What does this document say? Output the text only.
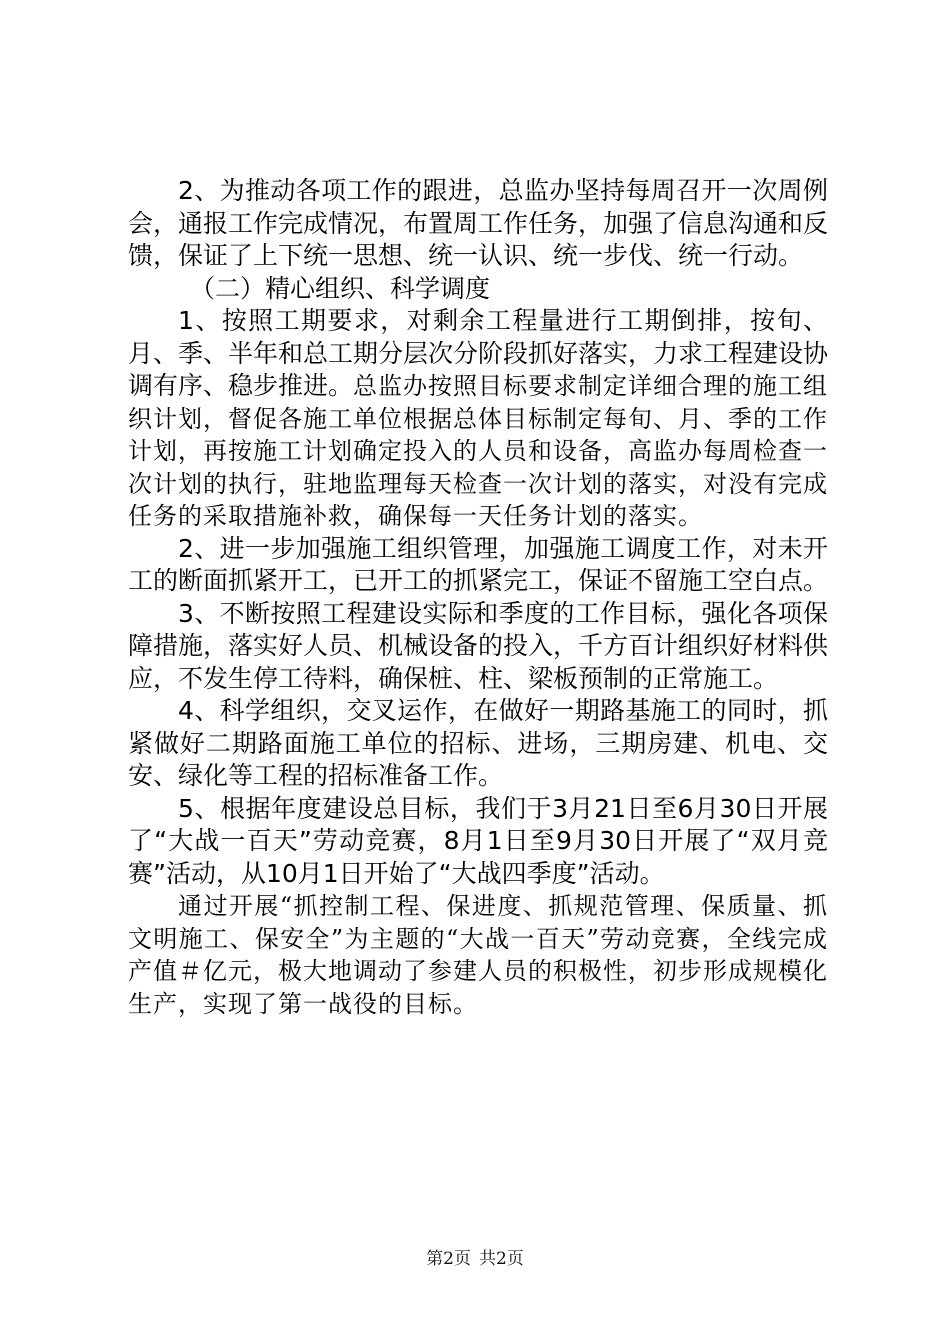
2、为推动各项工作的跟进，总监办坚持每周召开一次周例会，通报工作完成情况，布置周工作任务，加强了信息沟通和反馈，保证了上下统一思想、统一认识、统一步伐、统一行动。

（二）精心组织、科学调度

1、按照工期要求，对剩余工程量进行工期倒排，按旬、月、季、半年和总工期分层次分阶段抓好落实，力求工程建设协调有序、稳步推进。总监办按照目标要求制定详细合理的施工组织计划，督促各施工单位根据总体目标制定每旬、月、季的工作计划，再按施工计划确定投入的人员和设备，高监办每周检查一次计划的执行，驻地监理每天检查一次计划的落实，对没有完成任务的采取措施补救，确保每一天任务计划的落实。

2、进一步加强施工组织管理，加强施工调度工作，对未开工的断面抓紧开工，已开工的抓紧完工，保证不留施工空白点。

3、不断按照工程建设实际和季度的工作目标，强化各项保障措施，落实好人员、机械设备的投入，千方百计组织好材料供应，不发生停工待料，确保桩、柱、梁板预制的正常施工。

4、科学组织，交叉运作，在做好一期路基施工的同时，抓紧做好二期路面施工单位的招标、进场，三期房建、机电、交安、绿化等工程的招标准备工作。

5、根据年度建设总目标，我们于3月21日至6月30日开展了“大战一百天”劳动竞赛，8月1日至9月30日开展了“双月竞赛”活动，从10月1日开始了“大战四季度”活动。

通过开展“抓控制工程、保进度、抓规范管理、保质量、抓文明施工、保安全”为主题的“大战一百天”劳动竞赛，全线完成产值＃亿元，极大地调动了参建人员的积极性，初步形成规模化生产，实现了第一战役的目标。

第2页 共2页
